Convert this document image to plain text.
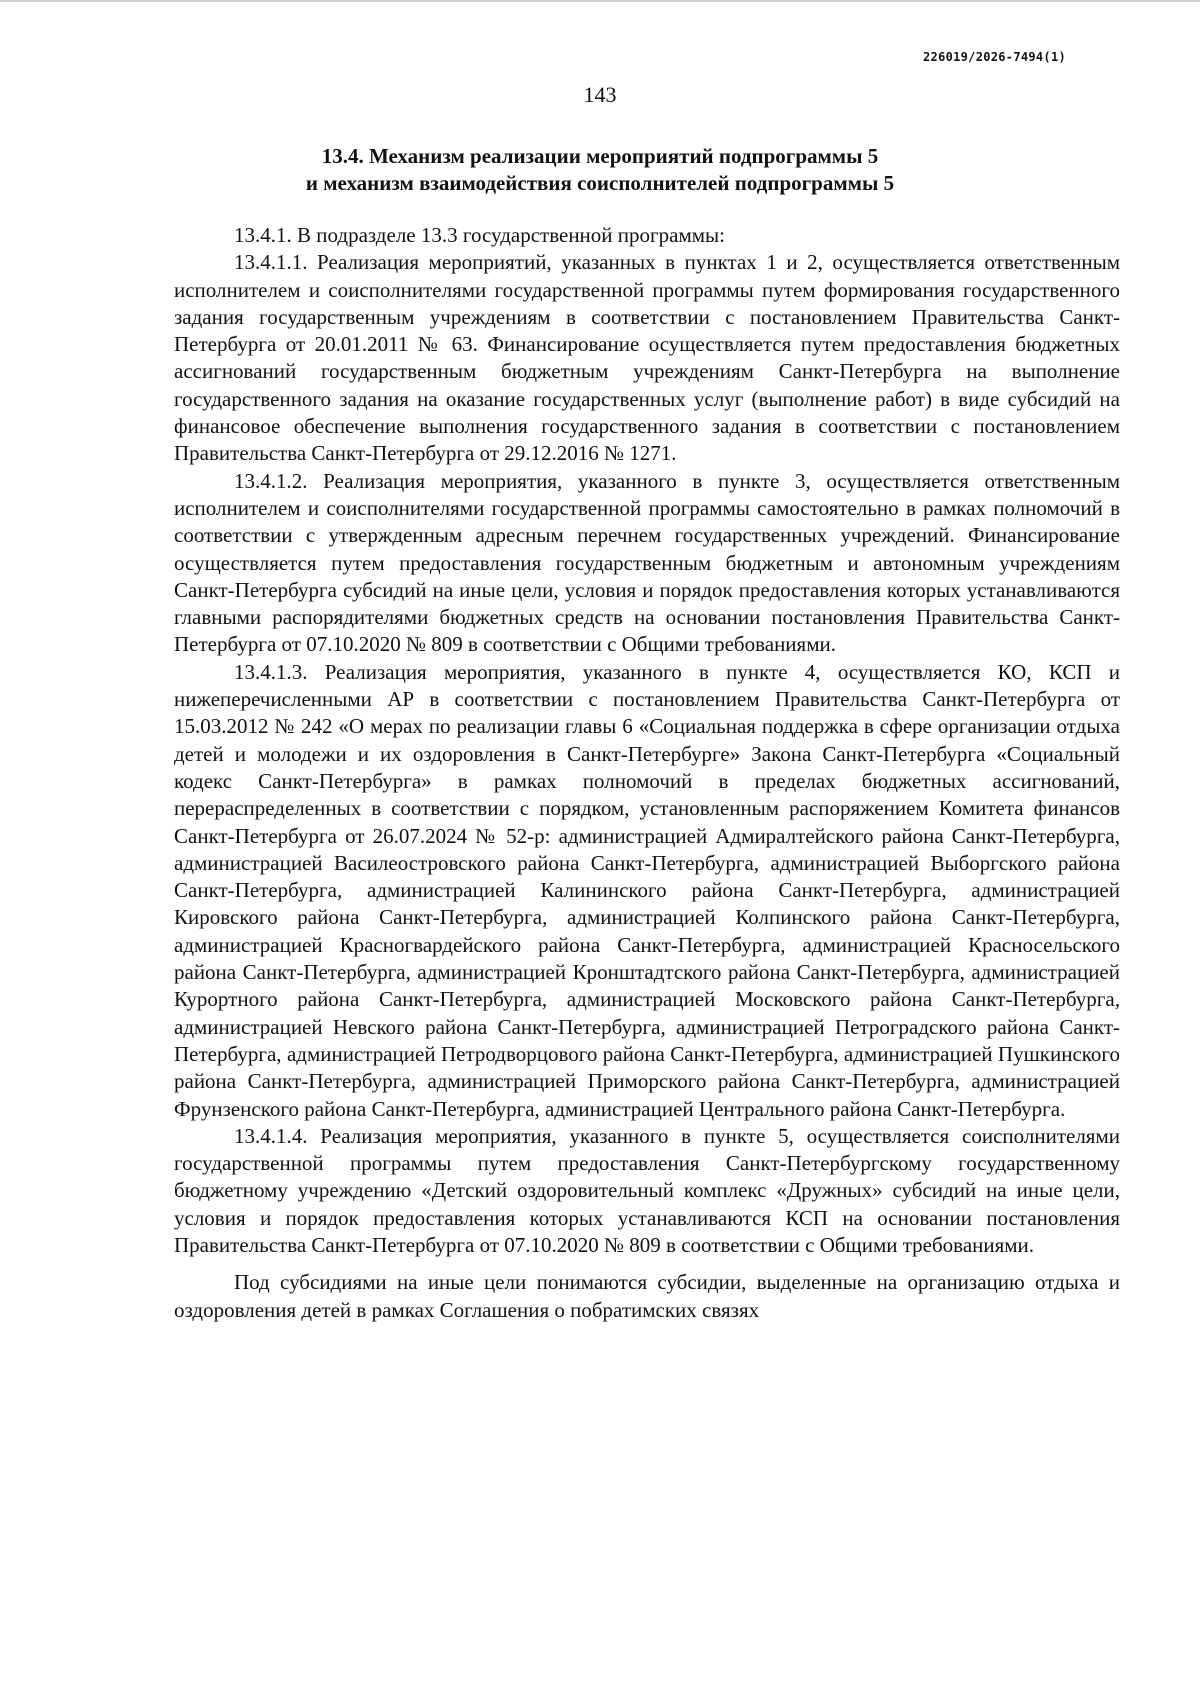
226019/2026-7494(1)
143
13.4. Механизм реализации мероприятий подпрограммы 5
и механизм взаимодействия соисполнителей подпрограммы 5

13.4.1. В подразделе 13.3 государственной программы:

13.4.1.1. Реализация мероприятий, указанных в пунктах 1 и 2, осуществляется ответственным исполнителем и соисполнителями государственной программы путем формирования государственного задания государственным учреждениям в соответствии с постановлением Правительства Санкт-Петербурга от 20.01.2011 № 63. Финансирование осуществляется путем предоставления бюджетных ассигнований государственным бюджетным учреждениям Санкт-Петербурга на выполнение государственного задания на оказание государственных услуг (выполнение работ) в виде субсидий на финансовое обеспечение выполнения государственного задания в соответствии с постановлением Правительства Санкт-Петербурга от 29.12.2016 № 1271.

13.4.1.2. Реализация мероприятия, указанного в пункте 3, осуществляется ответственным исполнителем и соисполнителями государственной программы самостоятельно в рамках полномочий в соответствии с утвержденным адресным перечнем государственных учреждений. Финансирование осуществляется путем предоставления государственным бюджетным и автономным учреждениям Санкт-Петербурга субсидий на иные цели, условия и порядок предоставления которых устанавливаются главными распорядителями бюджетных средств на основании постановления Правительства Санкт-Петербурга от 07.10.2020 № 809 в соответствии с Общими требованиями.

13.4.1.3. Реализация мероприятия, указанного в пункте 4, осуществляется КО, КСП и нижеперечисленными АР в соответствии с постановлением Правительства Санкт-Петербурга от 15.03.2012 № 242 «О мерах по реализации главы 6 «Социальная поддержка в сфере организации отдыха детей и молодежи и их оздоровления в Санкт-Петербурге» Закона Санкт-Петербурга «Социальный кодекс Санкт-Петербурга» в рамках полномочий в пределах бюджетных ассигнований, перераспределенных в соответствии с порядком, установленным распоряжением Комитета финансов Санкт-Петербурга от 26.07.2024 № 52-р: администрацией Адмиралтейского района Санкт-Петербурга, администрацией Василеостровского района Санкт-Петербурга, администрацией Выборгского района Санкт-Петербурга, администрацией Калининского района Санкт-Петербурга, администрацией Кировского района Санкт-Петербурга, администрацией Колпинского района Санкт-Петербурга, администрацией Красногвардейского района Санкт-Петербурга, администрацией Красносельского района Санкт-Петербурга, администрацией Кронштадтского района Санкт-Петербурга, администрацией Курортного района Санкт-Петербурга, администрацией Московского района Санкт-Петербурга, администрацией Невского района Санкт-Петербурга, администрацией Петроградского района Санкт-Петербурга, администрацией Петродворцового района Санкт-Петербурга, администрацией Пушкинского района Санкт-Петербурга, администрацией Приморского района Санкт-Петербурга, администрацией Фрунзенского района Санкт-Петербурга, администрацией Центрального района Санкт-Петербурга.

13.4.1.4. Реализация мероприятия, указанного в пункте 5, осуществляется соисполнителями государственной программы путем предоставления Санкт-Петербургскому государственному бюджетному учреждению «Детский оздоровительный комплекс «Дружных» субсидий на иные цели, условия и порядок предоставления которых устанавливаются КСП на основании постановления Правительства Санкт-Петербурга от 07.10.2020 № 809 в соответствии с Общими требованиями.

Под субсидиями на иные цели понимаются субсидии, выделенные на организацию отдыха и оздоровления детей в рамках Соглашения о побратимских связях
